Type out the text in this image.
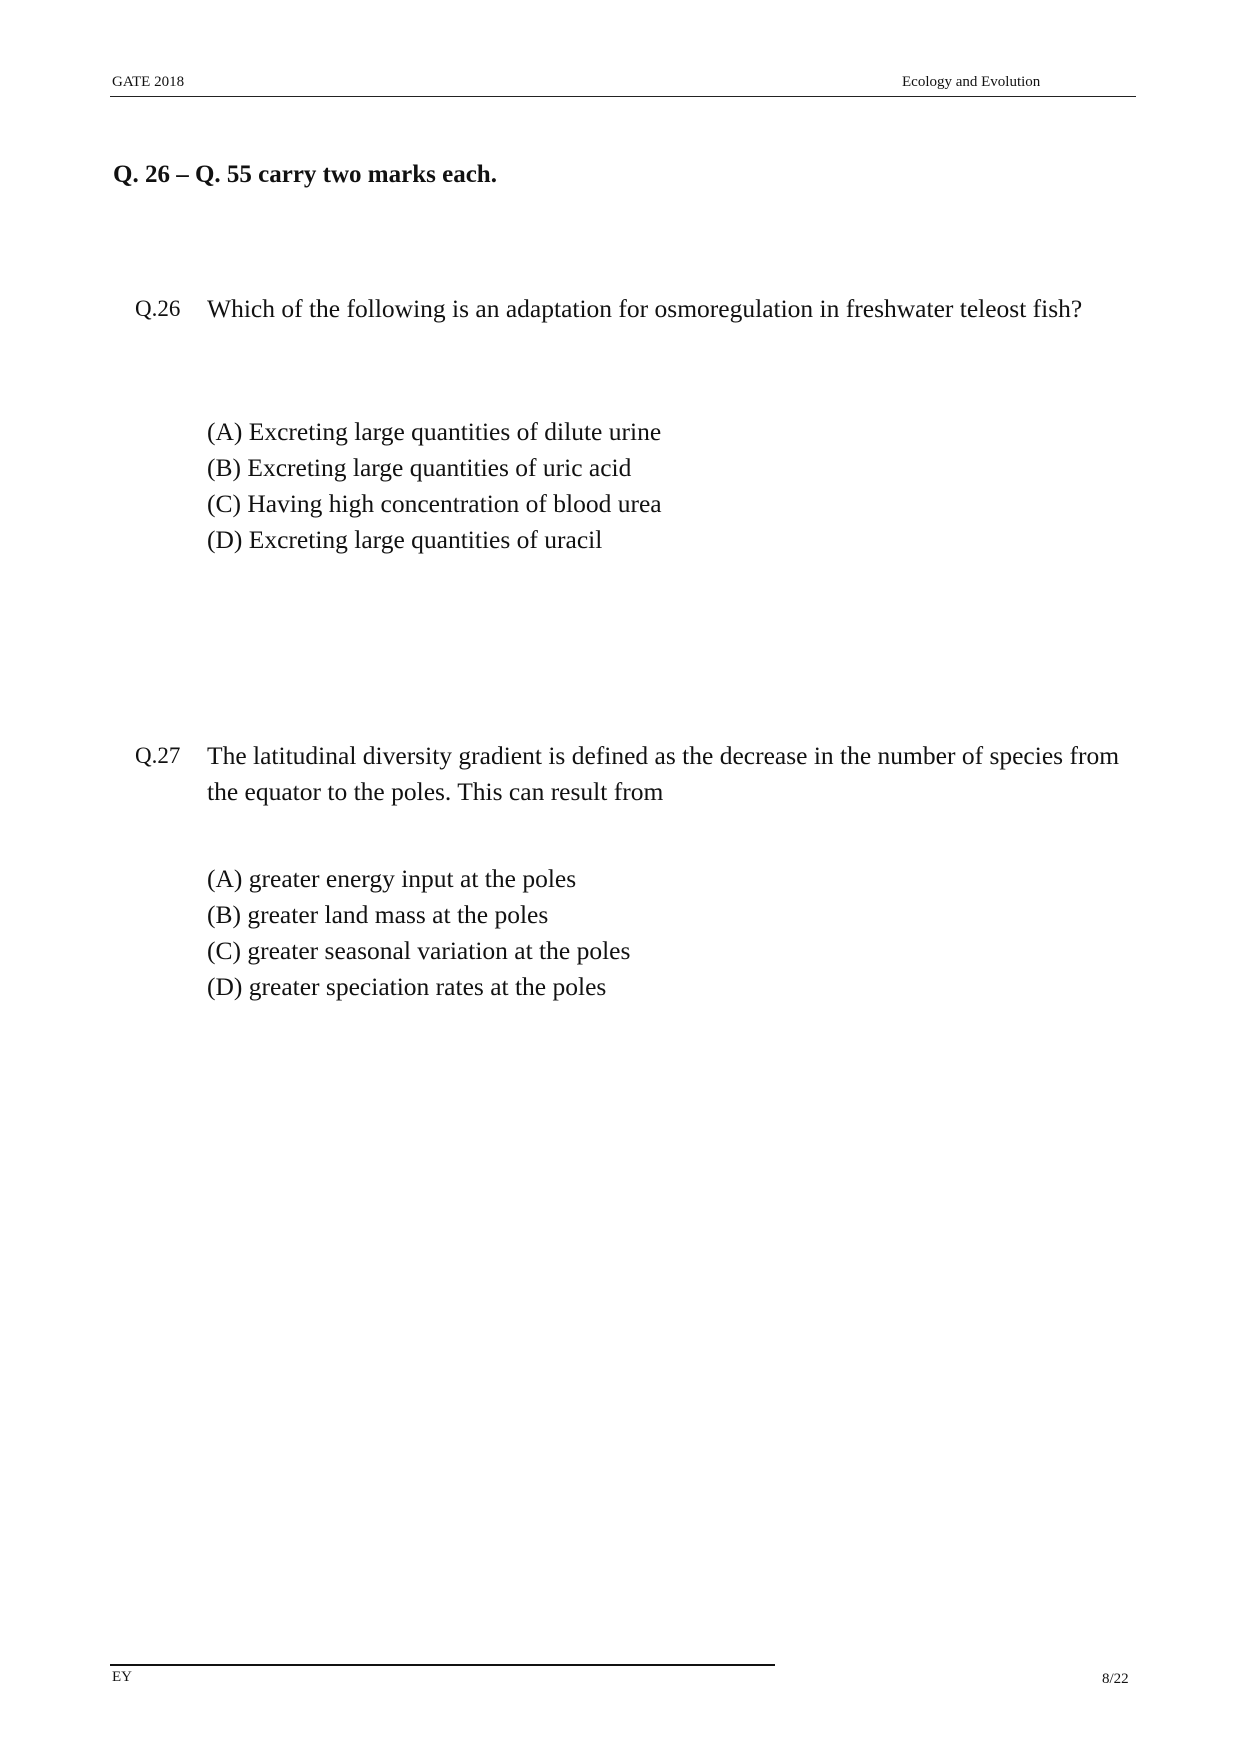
GATE 2018	Ecology and Evolution
Q. 26 – Q. 55 carry two marks each.
Q.26 Which of the following is an adaptation for osmoregulation in freshwater teleost fish?
(A) Excreting large quantities of dilute urine
(B) Excreting large quantities of uric acid
(C) Having high concentration of blood urea
(D) Excreting large quantities of uracil
Q.27 The latitudinal diversity gradient is defined as the decrease in the number of species from the equator to the poles. This can result from
(A) greater energy input at the poles
(B) greater land mass at the poles
(C) greater seasonal variation at the poles
(D) greater speciation rates at the poles
EY	8/22
